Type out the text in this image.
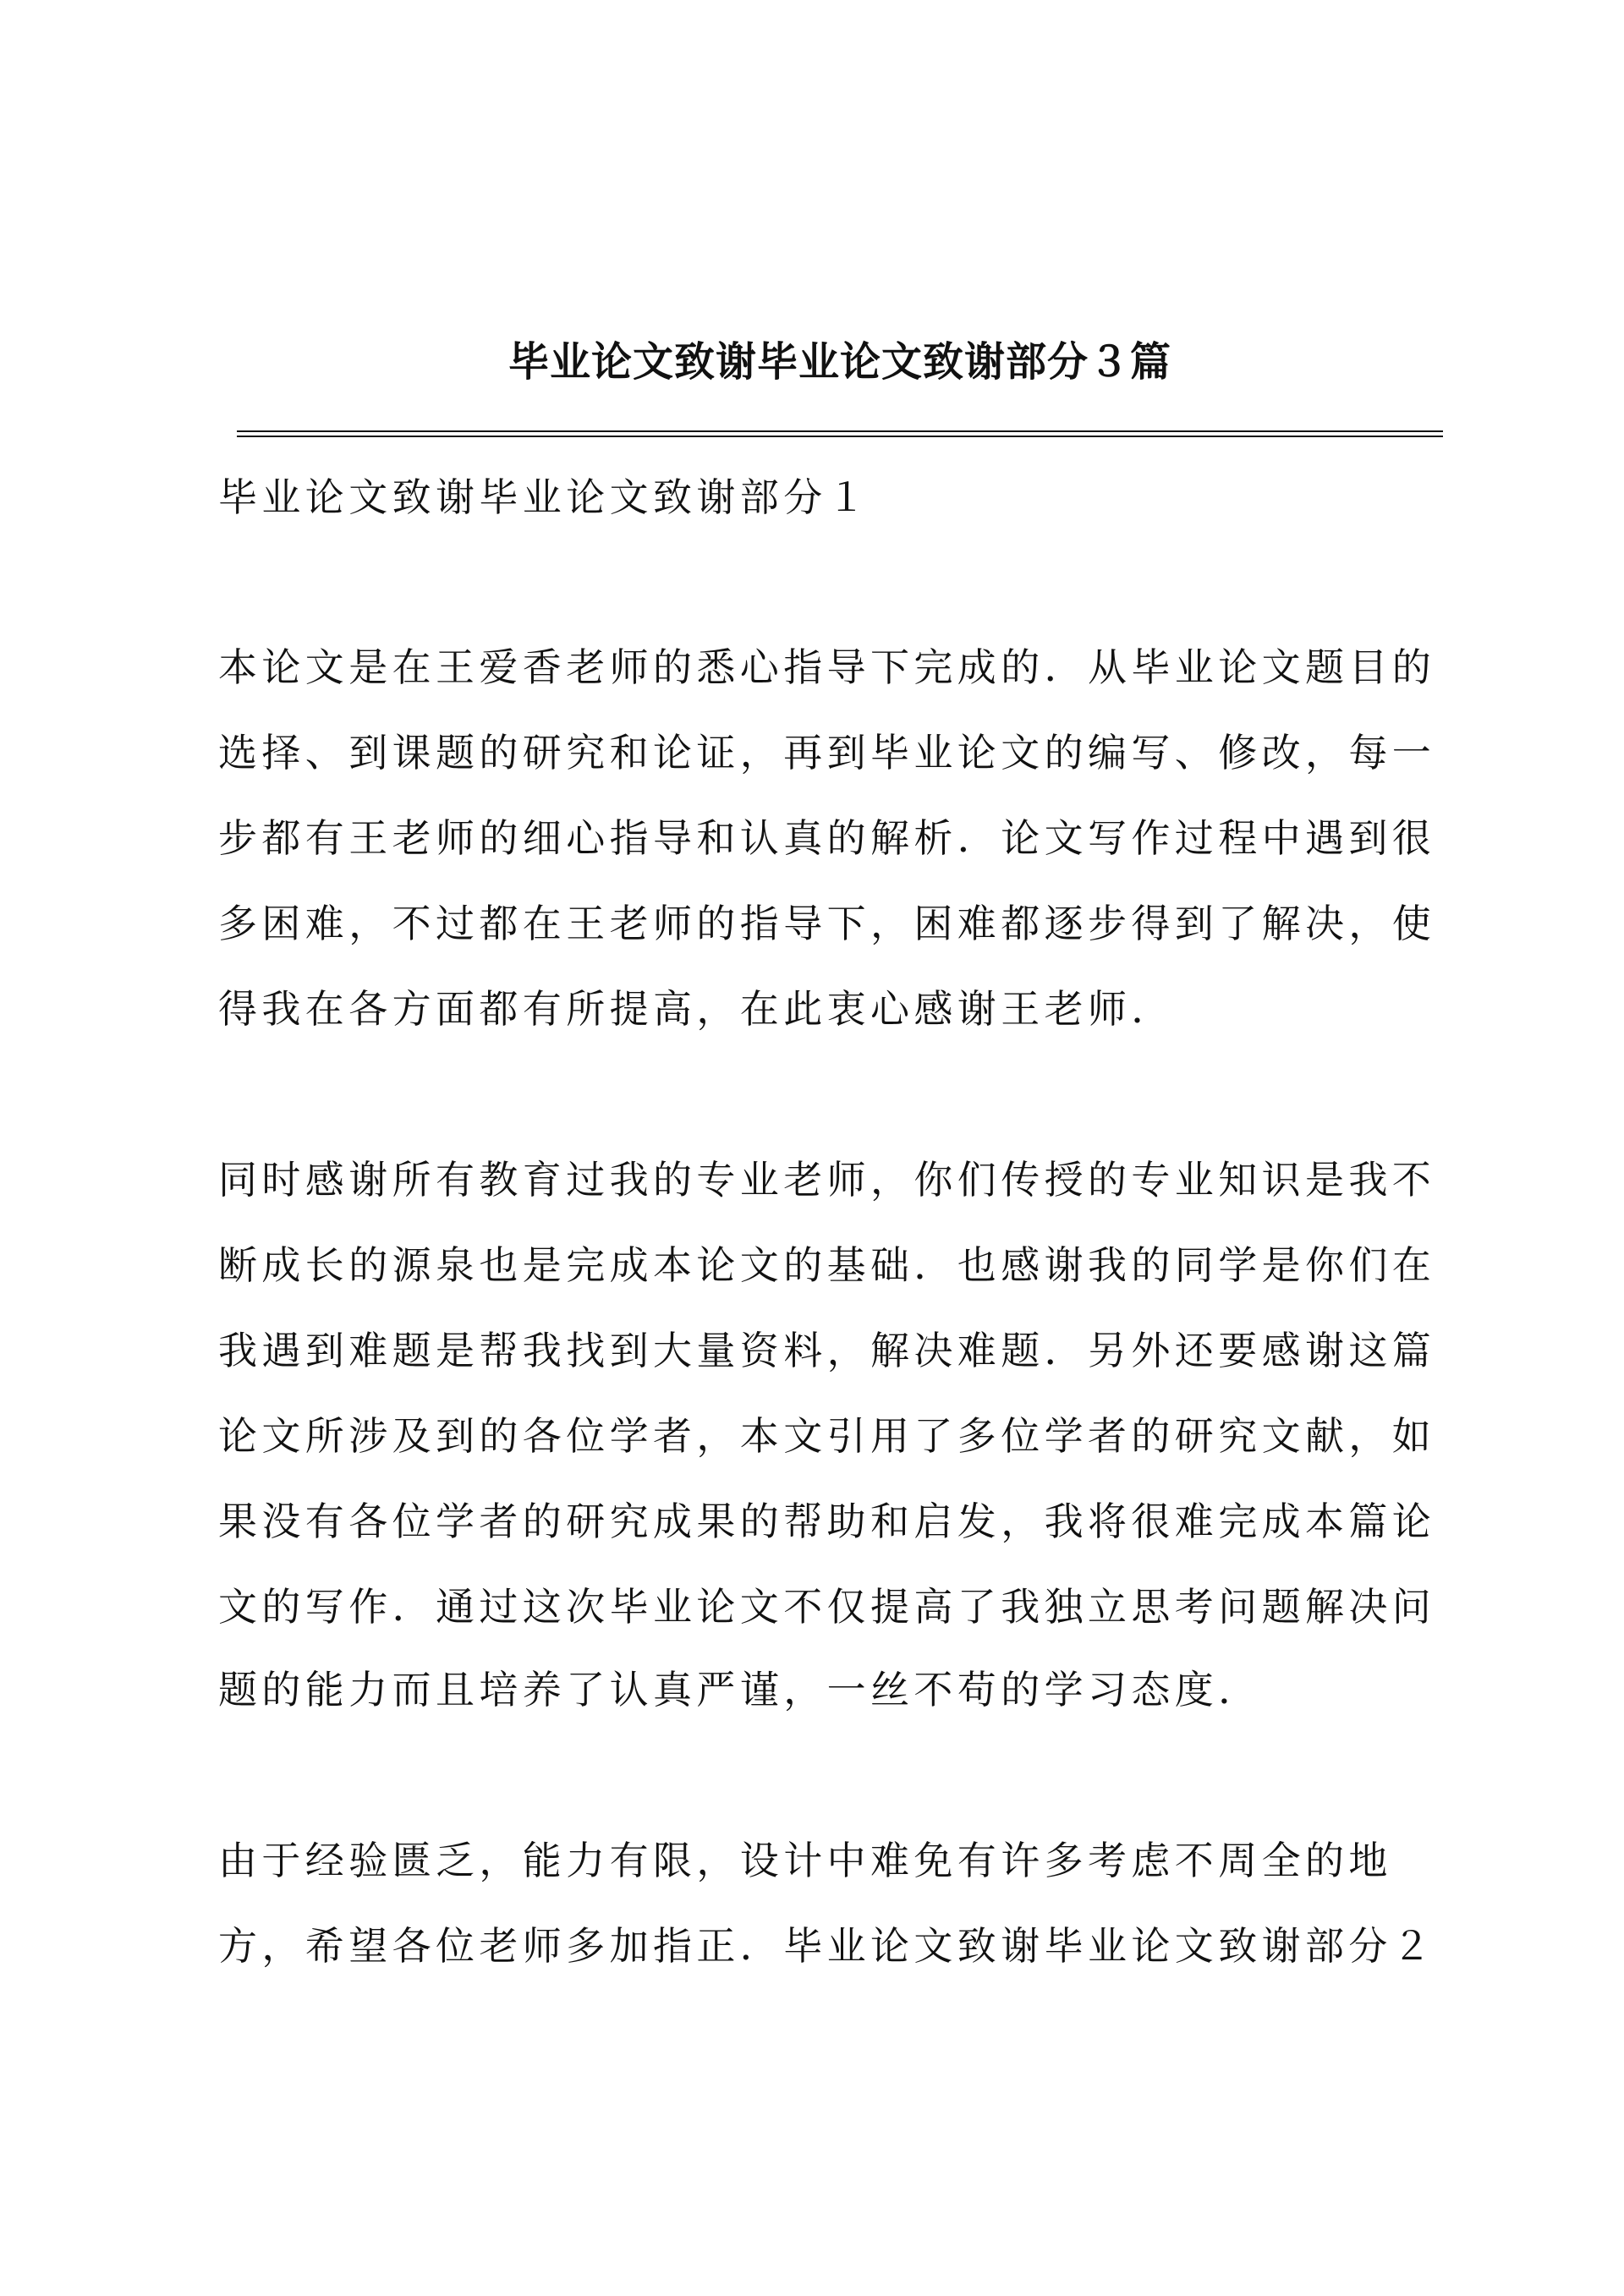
毕业论文致谢毕业论文致谢部分３篇
毕业论文致谢毕业论文致谢部分１
本论文是在王爱香老师的悉心指导下完成的．从毕业论文题目的
选择、到课题的研究和论证，再到毕业论文的编写、修改，每一
步都有王老师的细心指导和认真的解析．论文写作过程中遇到很
多困难，不过都在王老师的指导下，困难都逐步得到了解决，使
得我在各方面都有所提高，在此衷心感谢王老师．
同时感谢所有教育过我的专业老师，你们传授的专业知识是我不
断成长的源泉也是完成本论文的基础．也感谢我的同学是你们在
我遇到难题是帮我找到大量资料，解决难题．另外还要感谢这篇
论文所涉及到的各位学者，本文引用了多位学者的研究文献，如
果没有各位学者的研究成果的帮助和启发，我将很难完成本篇论
文的写作．通过这次毕业论文不仅提高了我独立思考问题解决问
题的能力而且培养了认真严谨，一丝不苟的学习态度．
由于经验匮乏，能力有限，设计中难免有许多考虑不周全的地
方，希望各位老师多加指正．毕业论文致谢毕业论文致谢部分２
